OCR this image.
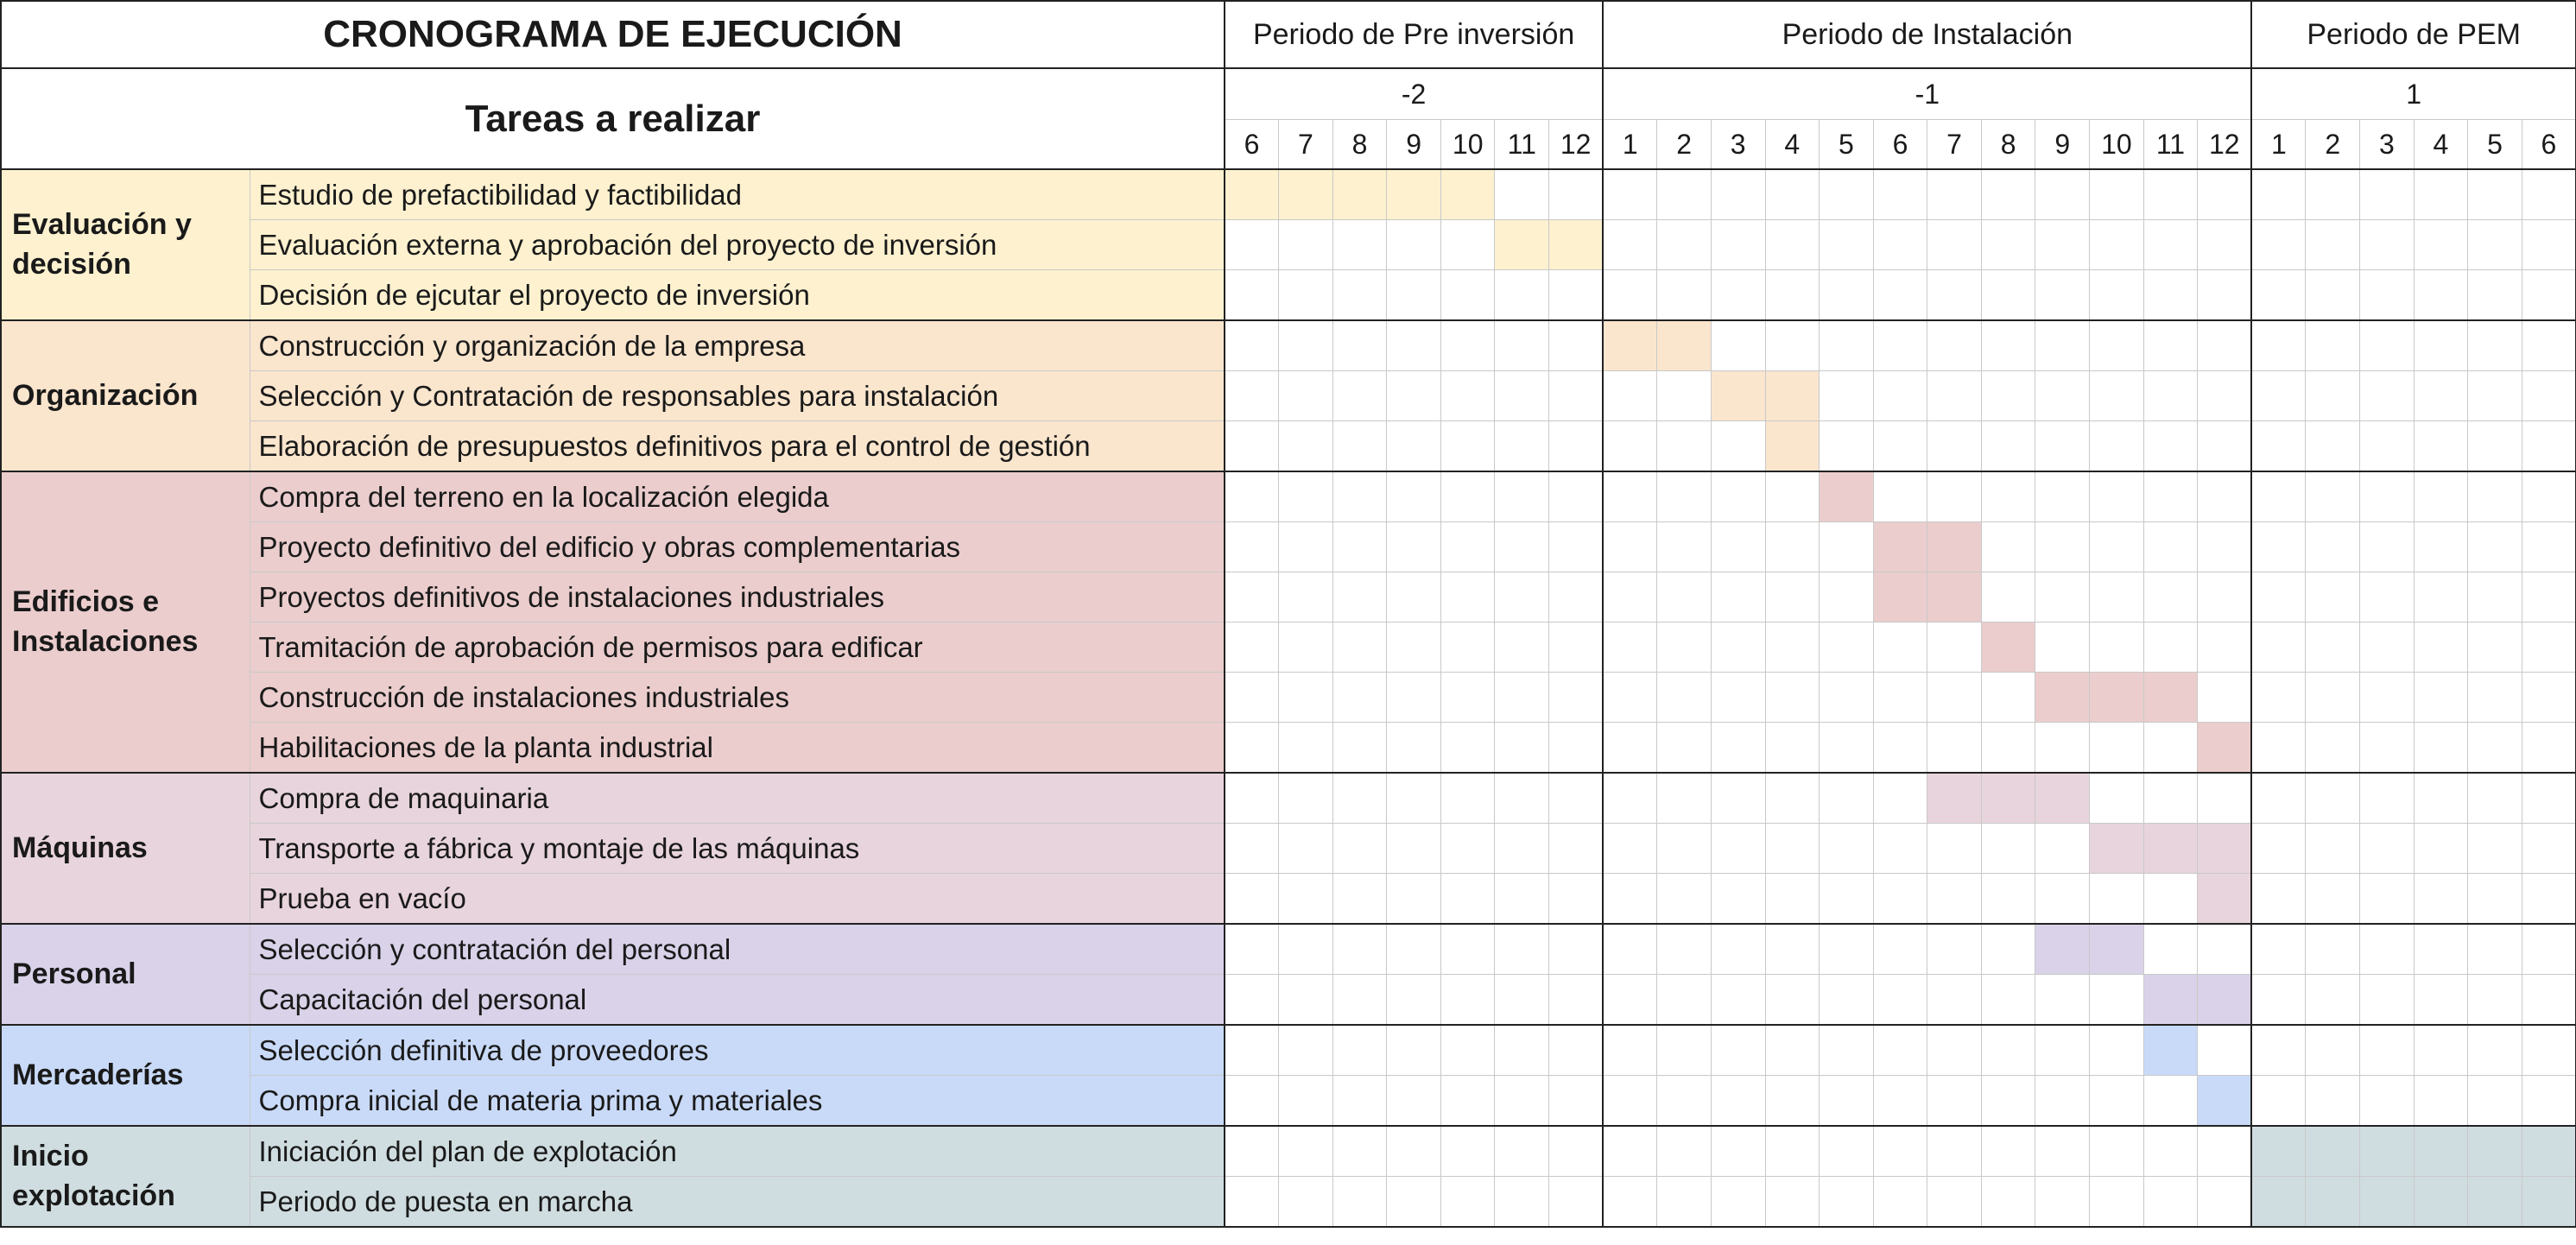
CRONOGRAMA DE EJECUCIÓN		Periodo de Pre inversión							Periodo de Instalación												Periodo de PEM					
Tareas a realizar		-2							-1												1					
		6	7	8	9	10	11	12	1	2	3	4	5	6	7	8	9	10	11	12	1	2	3	4	5	6
Evaluación y decisión	Estudio de prefactibilidad y factibilidad																									
	Evaluación externa y aprobación del proyecto de inversión																									
	Decisión de ejcutar el proyecto de inversión																									
Organización	Construcción y organización de la empresa																									
	Selección y Contratación de responsables para instalación																									
	Elaboración de presupuestos definitivos para el control de gestión																									
Edificios e Instalaciones	Compra del terreno en la localización elegida																									
	Proyecto definitivo del edificio y obras complementarias																									
	Proyectos definitivos de instalaciones industriales																									
	Tramitación de aprobación de permisos para edificar																									
	Construcción de instalaciones industriales																									
	Habilitaciones de la planta industrial																									
Máquinas	Compra de maquinaria																									
	Transporte a fábrica y montaje de las máquinas																									
	Prueba en vacío																									
Personal	Selección y contratación del personal																									
	Capacitación del personal																									
Mercaderías	Selección definitiva de proveedores																									
	Compra inicial de materia prima y materiales																									
Inicio explotación	Iniciación del plan de explotación																									
	Periodo de puesta en marcha																									
